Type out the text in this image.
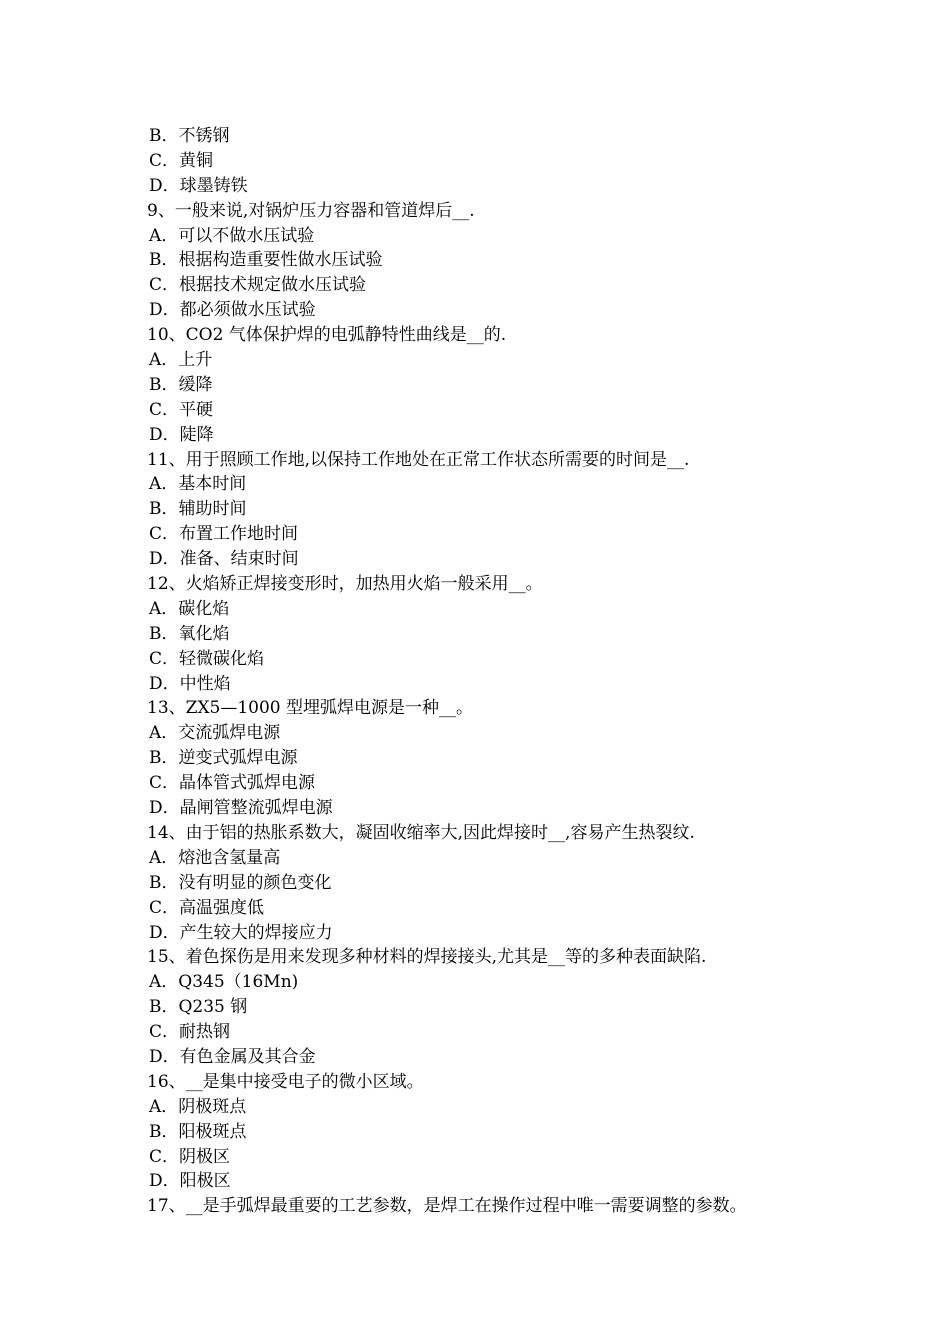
B．不锈钢
C．黄铜
D．球墨铸铁
9、一般来说,对锅炉压力容器和管道焊后__.
A．可以不做水压试验
B．根据构造重要性做水压试验
C．根据技术规定做水压试验
D．都必须做水压试验
10、CO2 气体保护焊的电弧静特性曲线是__的.
A．上升
B．缓降
C．平硬
D．陡降
11、用于照顾工作地,以保持工作地处在正常工作状态所需要的时间是__.
A．基本时间
B．辅助时间
C．布置工作地时间
D．准备、结束时间
12、火焰矫正焊接变形时，加热用火焰一般采用__。
A．碳化焰
B．氧化焰
C．轻微碳化焰
D．中性焰
13、ZX5—1000 型埋弧焊电源是一种__。
A．交流弧焊电源
B．逆变式弧焊电源
C．晶体管式弧焊电源
D．晶闸管整流弧焊电源
14、由于铝的热胀系数大，凝固收缩率大,因此焊接时__,容易产生热裂纹.
A．熔池含氢量高
B．没有明显的颜色变化
C．高温强度低
D．产生较大的焊接应力
15、着色探伤是用来发现多种材料的焊接接头,尤其是__等的多种表面缺陷.
A．Q345（16Mn)
B．Q235 钢
C．耐热钢
D．有色金属及其合金
16、__是集中接受电子的微小区域。
A．阴极斑点
B．阳极斑点
C．阴极区
D．阳极区
17、__是手弧焊最重要的工艺参数，是焊工在操作过程中唯一需要调整的参数。
